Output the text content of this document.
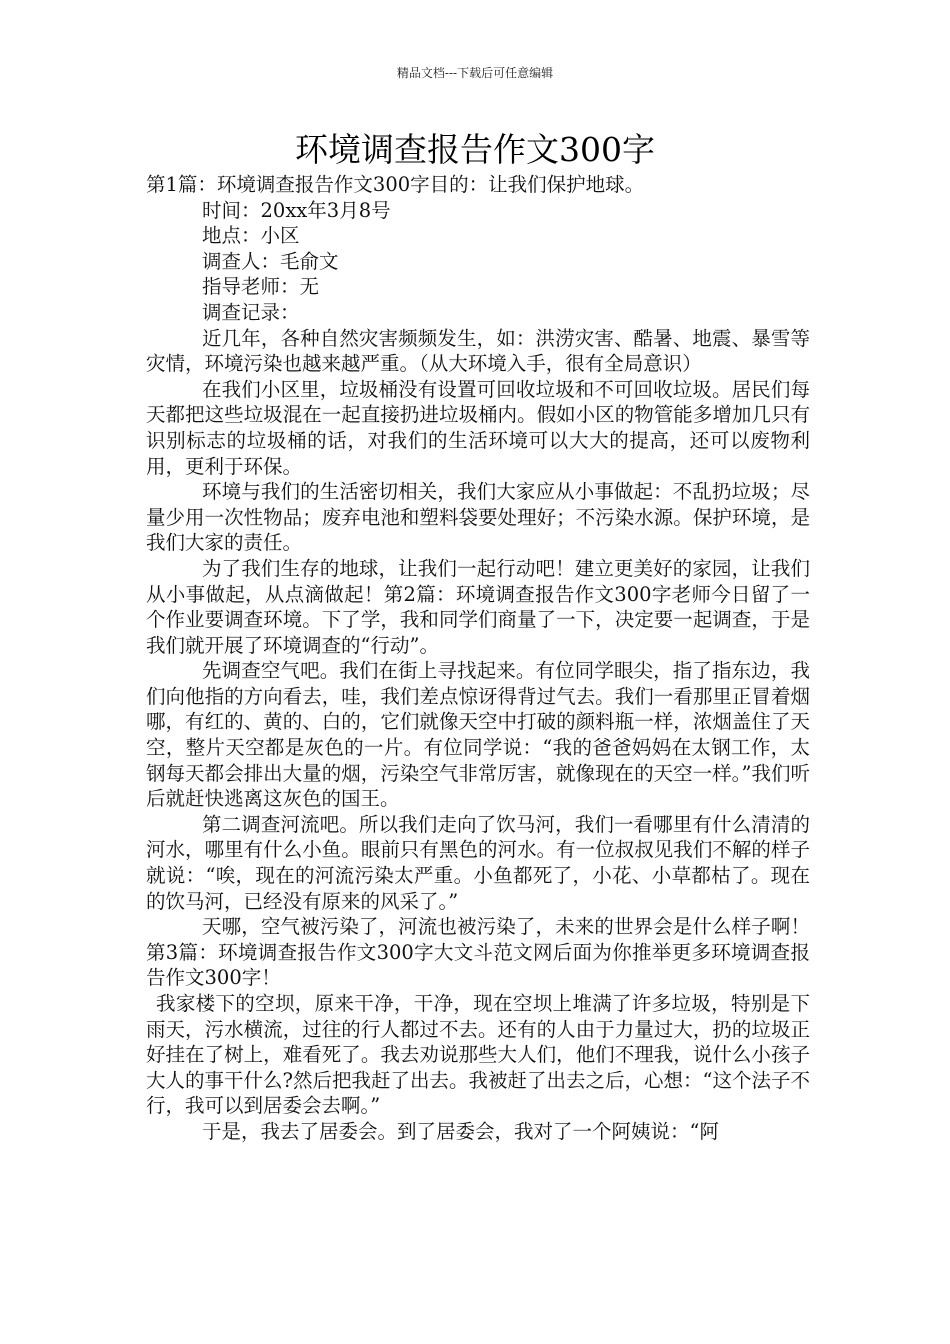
精品文档---下载后可任意编辑
环境调查报告作文300字

第1篇：环境调查报告作文300字目的：让我们保护地球。

时间：20xx年3月8号

地点：小区

调查人：毛俞文

指导老师：无

调查记录：

近几年，各种自然灾害频频发生，如：洪涝灾害、酷暑、地震、暴雪等灾情，环境污染也越来越严重。（从大环境入手，很有全局意识）

在我们小区里，垃圾桶没有设置可回收垃圾和不可回收垃圾。居民们每天都把这些垃圾混在一起直接扔进垃圾桶内。假如小区的物管能多增加几只有识别标志的垃圾桶的话，对我们的生活环境可以大大的提高，还可以废物利用，更利于环保。

环境与我们的生活密切相关，我们大家应从小事做起：不乱扔垃圾；尽量少用一次性物品；废弃电池和塑料袋要处理好；不污染水源。保护环境，是我们大家的责任。

为了我们生存的地球，让我们一起行动吧！建立更美好的家园，让我们从小事做起，从点滴做起！第2篇：环境调查报告作文300字老师今日留了一个作业要调查环境。下了学，我和同学们商量了一下，决定要一起调查，于是我们就开展了环境调查的“行动”。

先调查空气吧。我们在街上寻找起来。有位同学眼尖，指了指东边，我们向他指的方向看去，哇，我们差点惊讶得背过气去。我们一看那里正冒着烟哪，有红的、黄的、白的，它们就像天空中打破的颜料瓶一样，浓烟盖住了天空，整片天空都是灰色的一片。有位同学说：“我的爸爸妈妈在太钢工作，太钢每天都会排出大量的烟，污染空气非常厉害，就像现在的天空一样。”我们听后就赶快逃离这灰色的国王。

第二调查河流吧。所以我们走向了饮马河，我们一看哪里有什么清清的河水，哪里有什么小鱼。眼前只有黑色的河水。有一位叔叔见我们不解的样子就说：“唉，现在的河流污染太严重。小鱼都死了，小花、小草都枯了。现在的饮马河，已经没有原来的风采了。”

天哪，空气被污染了，河流也被污染了，未来的世界会是什么样子啊！第3篇：环境调查报告作文300字大文斗范文网后面为你推举更多环境调查报告作文300字！

我家楼下的空坝，原来干净，干净，现在空坝上堆满了许多垃圾，特别是下雨天，污水横流，过往的行人都过不去。还有的人由于力量过大，扔的垃圾正好挂在了树上，难看死了。我去劝说那些大人们，他们不理我，说什么小孩子大人的事干什么?然后把我赶了出去。我被赶了出去之后，心想：“这个法子不行，我可以到居委会去啊。”

于是，我去了居委会。到了居委会，我对了一个阿姨说：“阿
